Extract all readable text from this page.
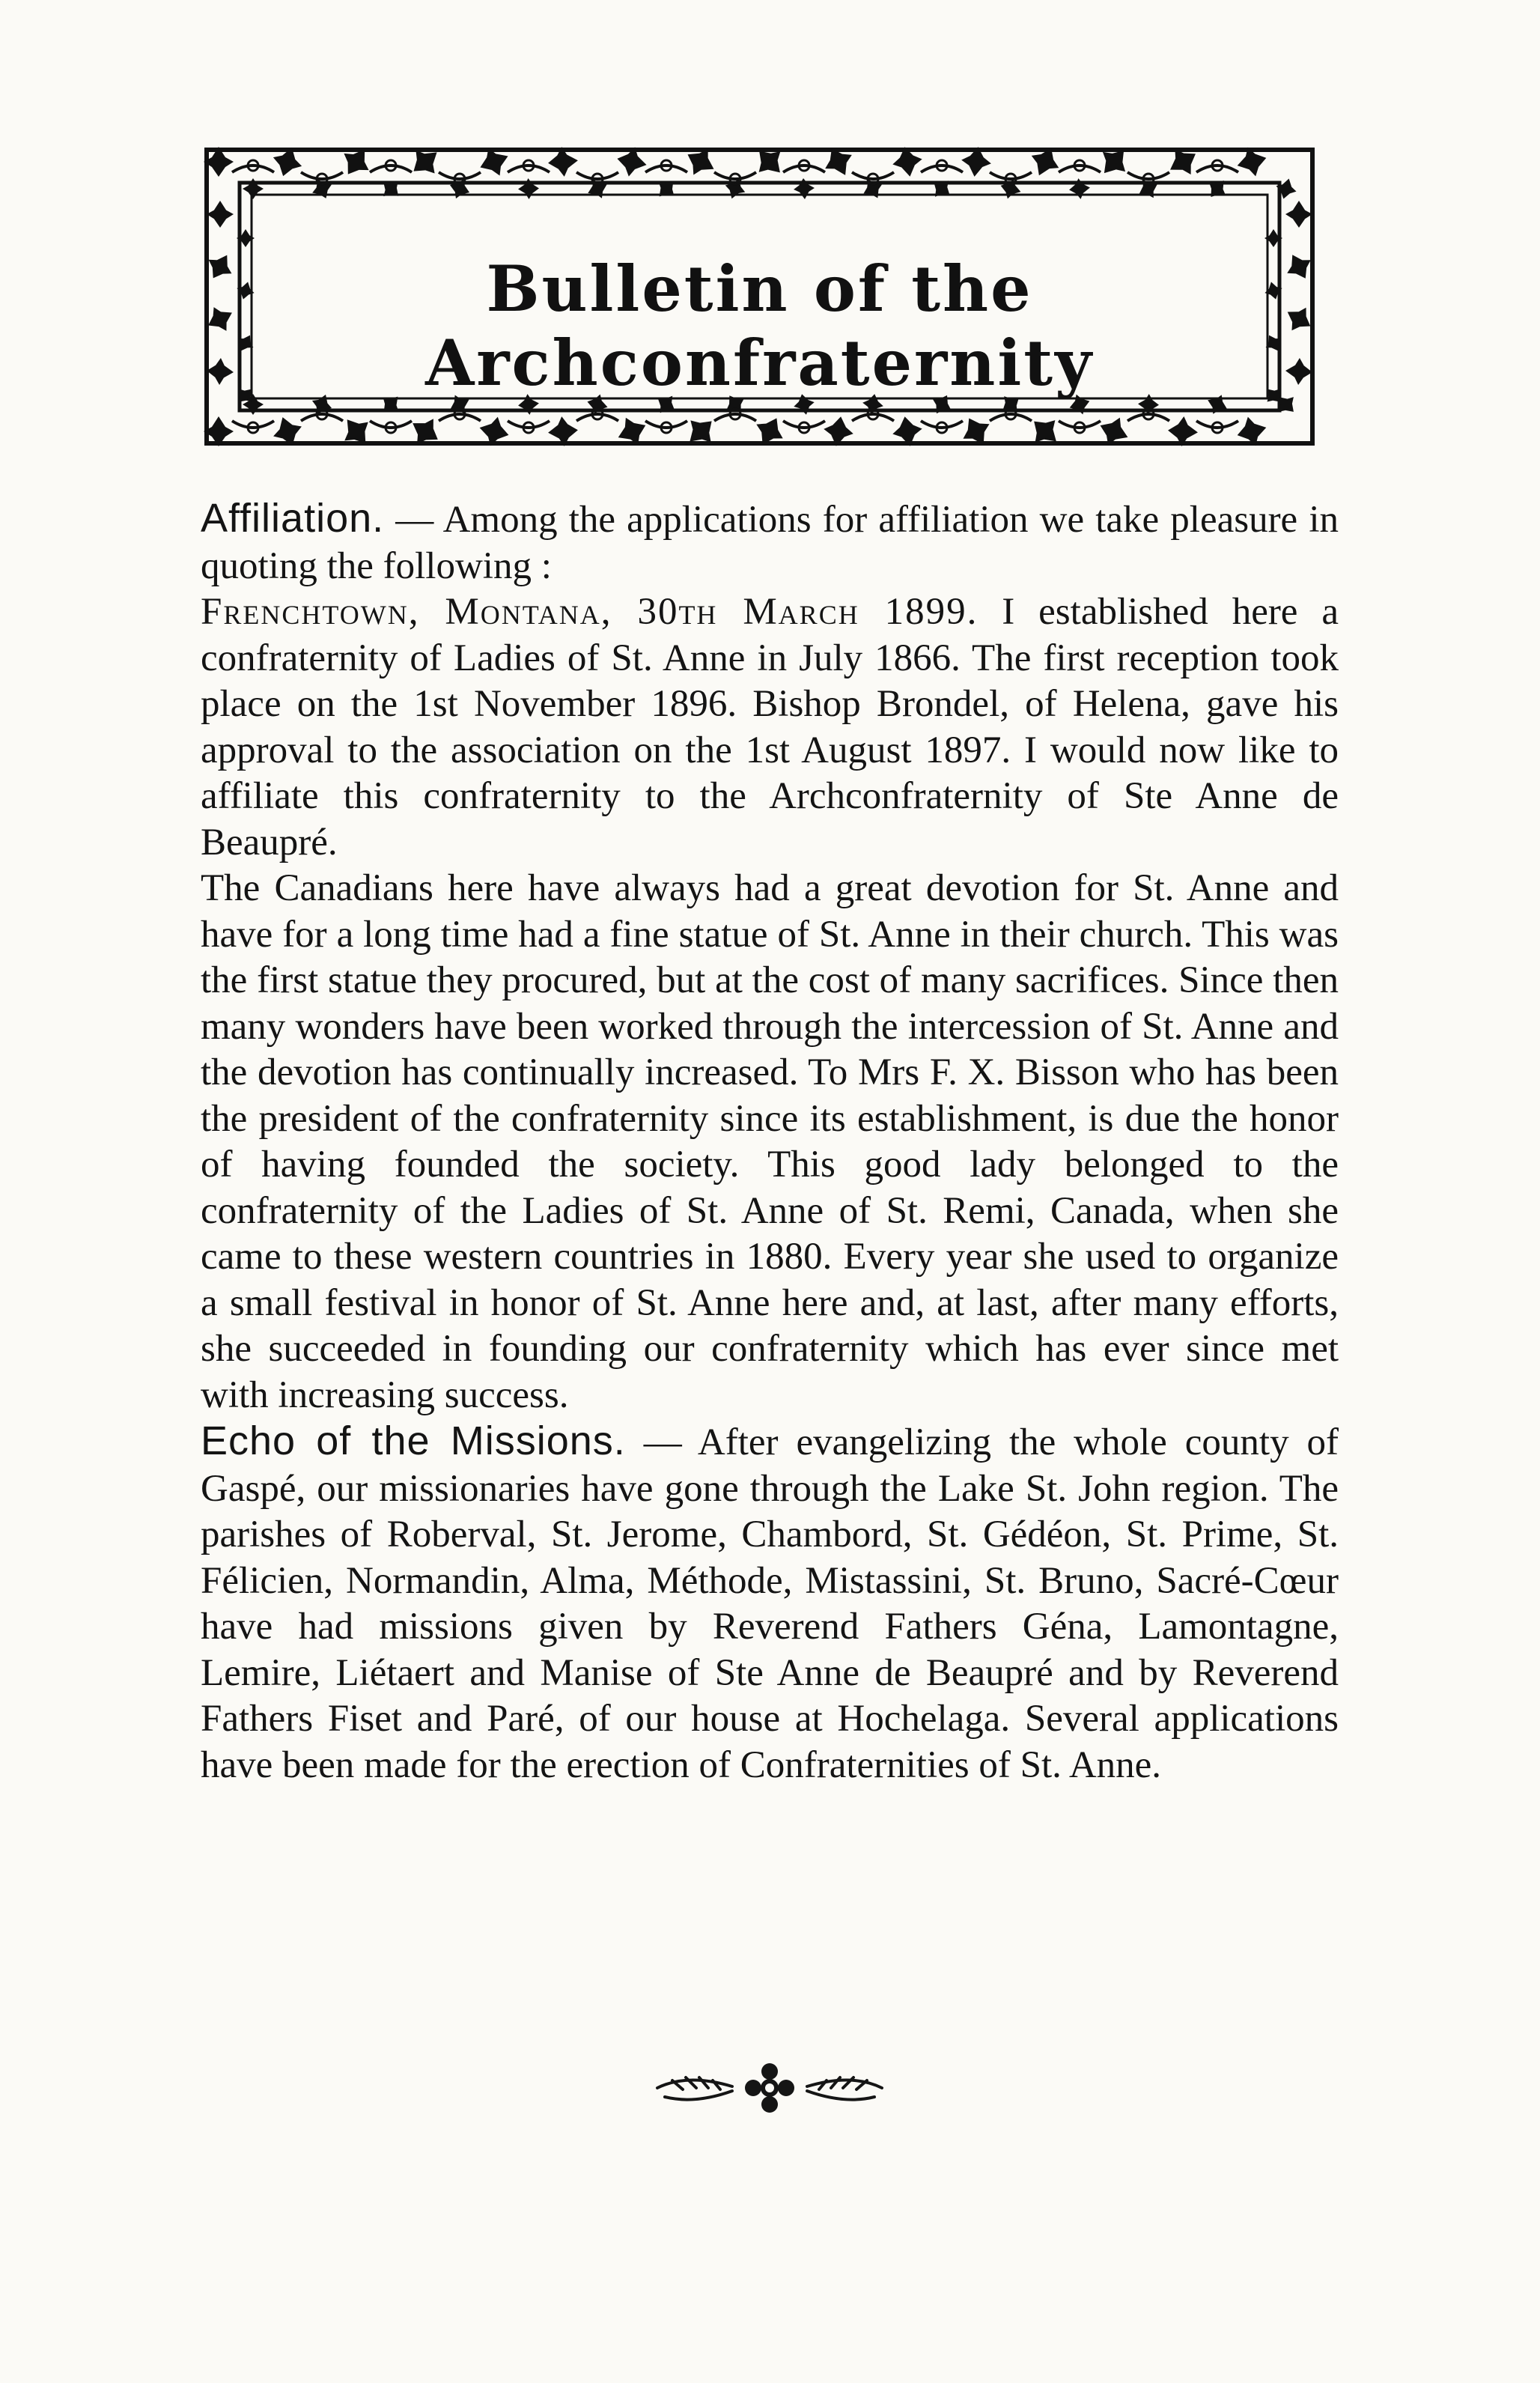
Bulletin of the Archconfraternity

Affiliation. — Among the applications for affiliation we take pleasure in quoting the following :

Frenchtown, Montana, 30th March 1899. I established here a confraternity of Ladies of St. Anne in July 1866. The first reception took place on the 1st November 1896. Bishop Brondel, of Helena, gave his approval to the association on the 1st August 1897. I would now like to affiliate this confraternity to the Archconfraternity of Ste Anne de Beaupré.

The Canadians here have always had a great devotion for St. Anne and have for a long time had a fine statue of St. Anne in their church. This was the first statue they procured, but at the cost of many sacrifices. Since then many wonders have been worked through the intercession of St. Anne and the devotion has continually increased. To Mrs F. X. Bisson who has been the president of the confraternity since its establishment, is due the honor of having founded the society. This good lady belonged to the confraternity of the Ladies of St. Anne of St. Remi, Canada, when she came to these western countries in 1880. Every year she used to organize a small festival in honor of St. Anne here and, at last, after many efforts, she succeeded in founding our confraternity which has ever since met with increasing success.

Echo of the Missions. — After evangelizing the whole county of Gaspé, our missionaries have gone through the Lake St. John region. The parishes of Roberval, St. Jerome, Chambord, St. Gédéon, St. Prime, St. Félicien, Normandin, Alma, Méthode, Mistassini, St. Bruno, Sacré-Cœur have had missions given by Reverend Fathers Géna, Lamontagne, Lemire, Liétaert and Manise of Ste Anne de Beaupré and by Reverend Fathers Fiset and Paré, of our house at Hochelaga. Several applications have been made for the erection of Confraternities of St. Anne.
